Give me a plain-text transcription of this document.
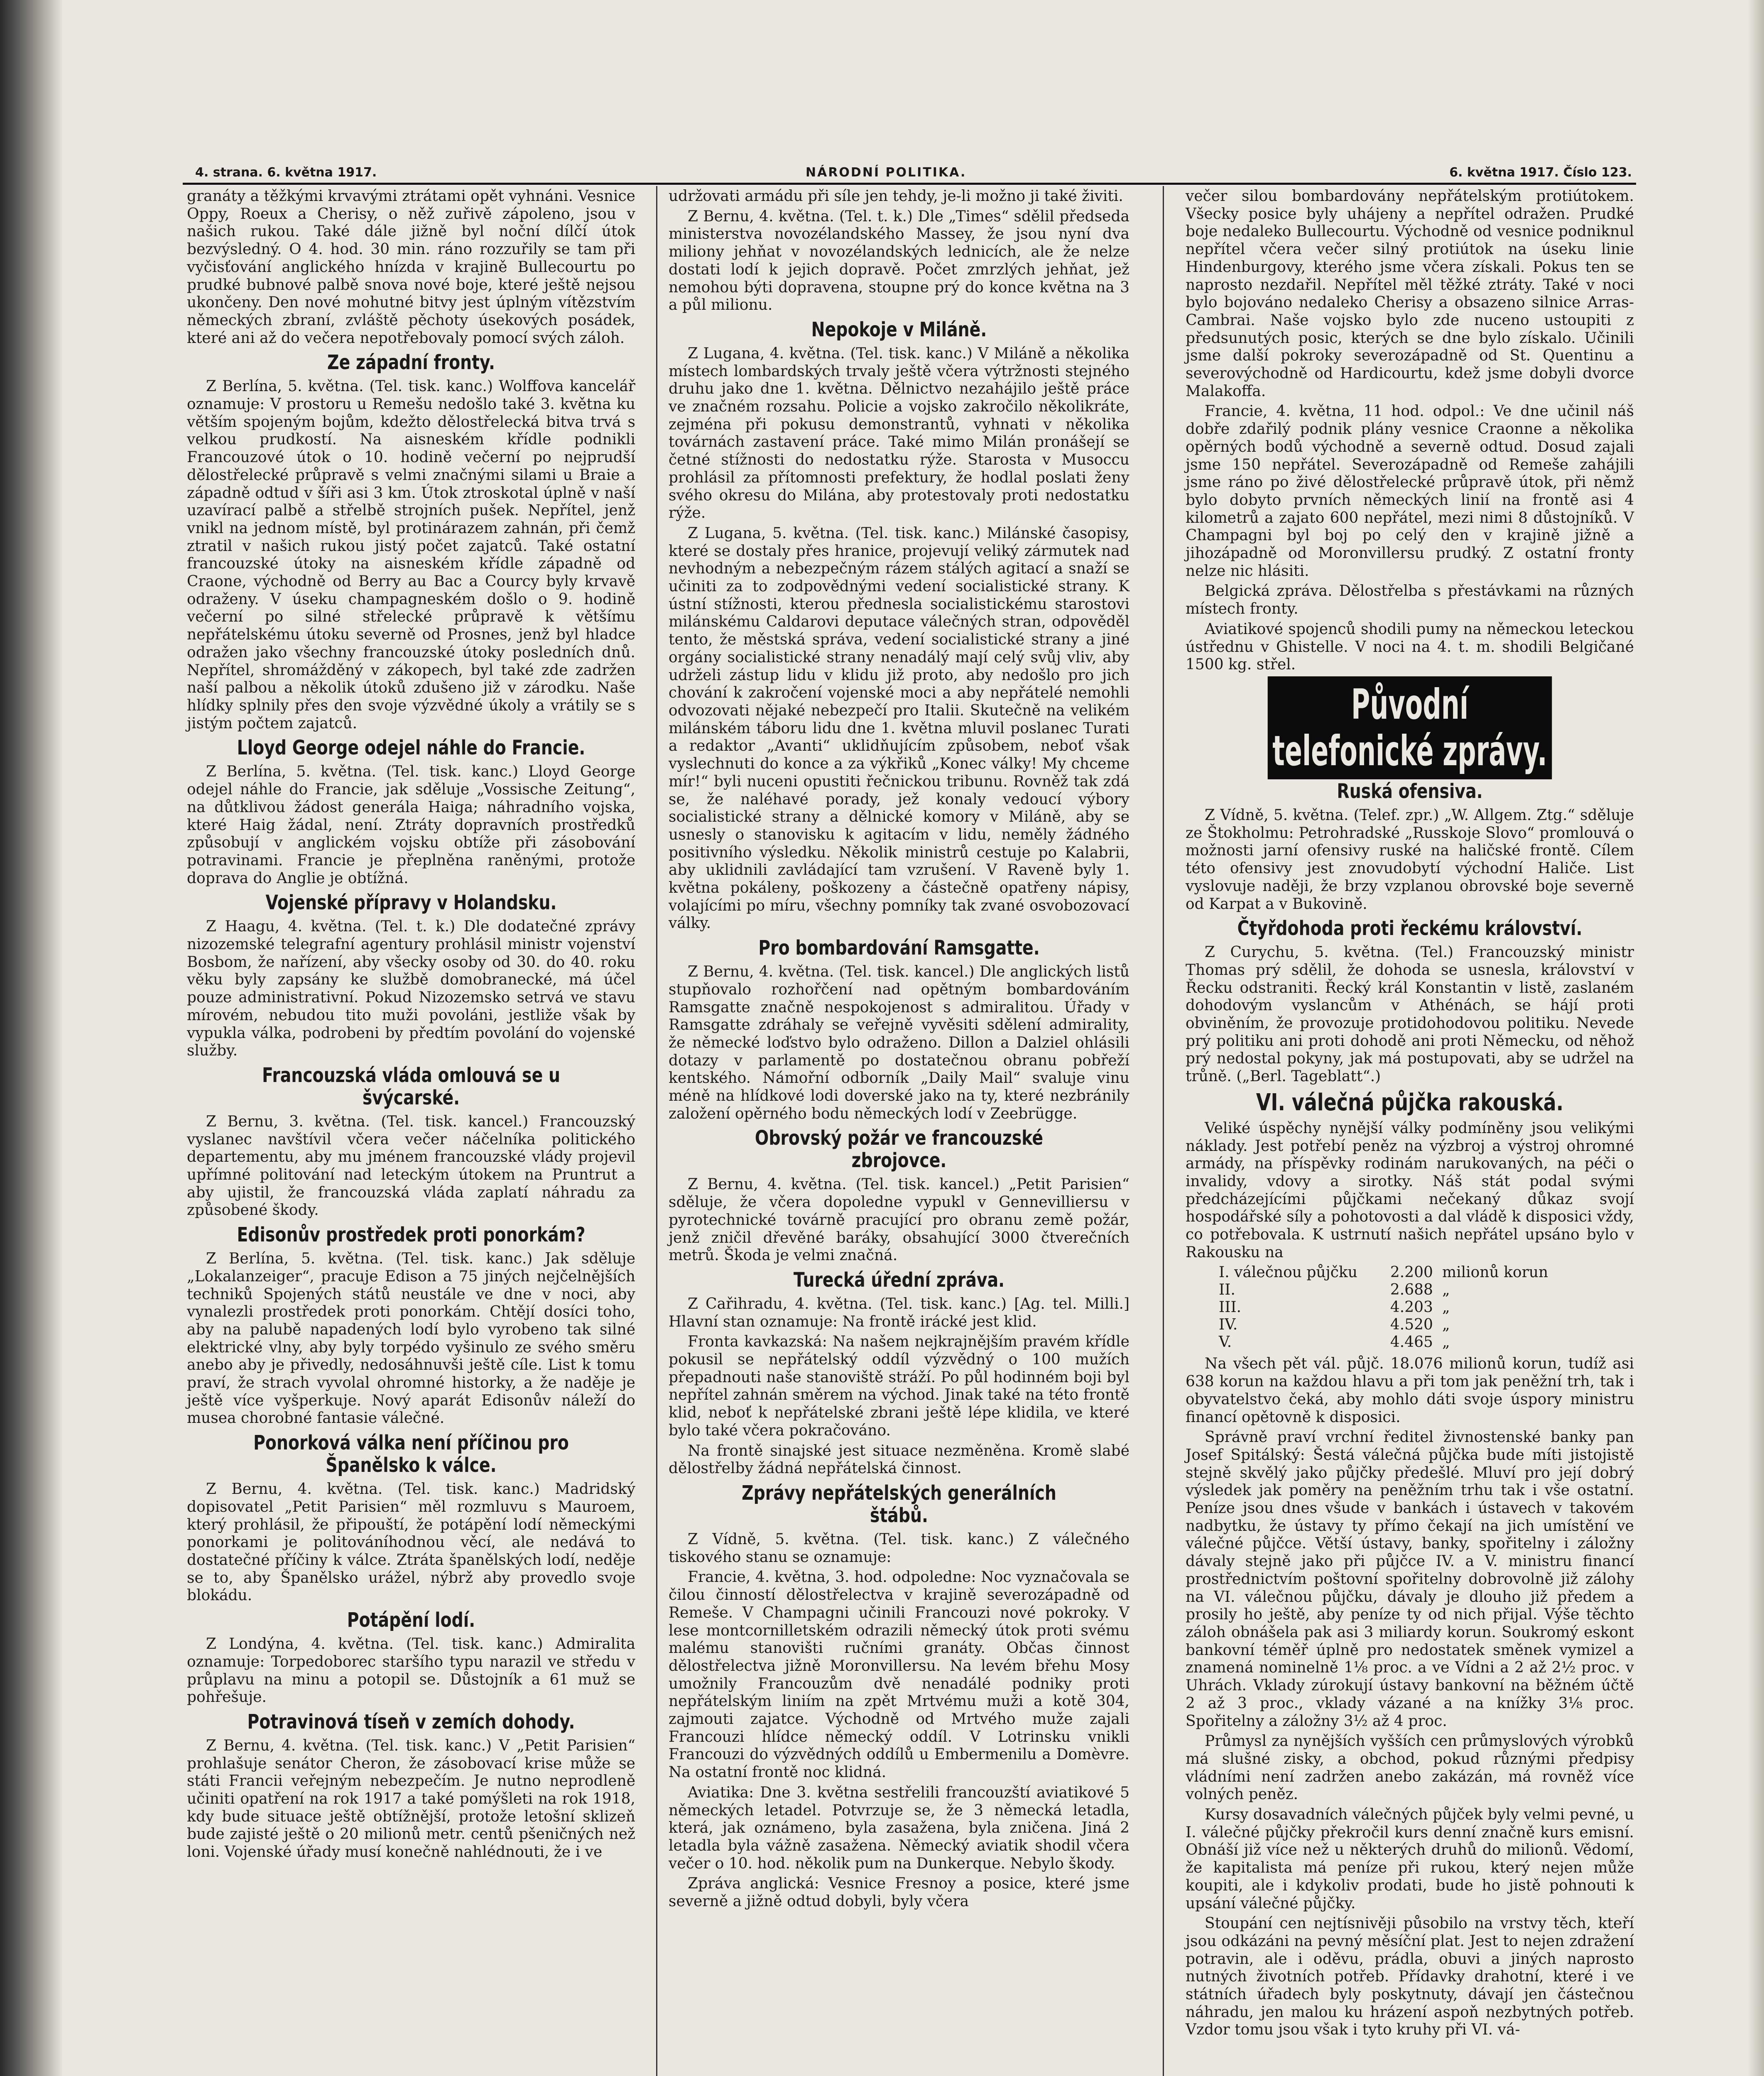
4. strana. 6. května 1917.	NÁRODNÍ POLITIKA.	6. května 1917. Číslo 123.

granáty a těžkými krvavými ztrátami opět vyhnáni. Vesnice Oppy, Roeux a Cherisy, o něž zuřivě zápoleno, jsou v našich rukou. Také dále jižně byl noční dílčí útok bezvýsledný. O 4. hod. 30 min. ráno rozzuřily se tam při vyčisťování anglického hnízda v krajině Bullecourtu po prudké bubnové palbě snova nové boje, které ještě nejsou ukončeny. Den nové mohutné bitvy jest úplným vítězstvím německých zbraní, zvláště pěchoty úsekových posádek, které ani až do večera nepotřebovaly pomocí svých záloh.

Ze západní fronty.

Z Berlína, 5. května. (Tel. tisk. kanc.) Wolffova kancelář oznamuje: V prostoru u Remešu nedošlo také 3. května ku větším spojeným bojům, kdežto dělostřelecká bitva trvá s velkou prudkostí. Na aisneském křídle podnikli Francouzové útok o 10. hodině večerní po nejprudší dělostřelecké průpravě s velmi značnými silami u Braie a západně odtud v šíři asi 3 km. Útok ztroskotal úplně v naší uzavírací palbě a střelbě strojních pušek. Nepřítel, jenž vnikl na jednom místě, byl protinárazem zahnán, při čemž ztratil v našich rukou jistý počet zajatců. Také ostatní francouzské útoky na aisneském křídle západně od Craone, východně od Berry au Bac a Courcy byly krvavě odraženy. V úseku champagneském došlo o 9. hodině večerní po silné střelecké průpravě k většímu nepřátelskému útoku severně od Prosnes, jenž byl hladce odražen jako všechny francouzské útoky posledních dnů. Nepřítel, shromážděný v zákopech, byl také zde zadržen naší palbou a několik útoků zdušeno již v zárodku. Naše hlídky splnily přes den svoje výzvědné úkoly a vrátily se s jistým počtem zajatců.

Lloyd George odejel náhle do Francie.

Z Berlína, 5. května. (Tel. tisk. kanc.) Lloyd George odejel náhle do Francie, jak sděluje „Vossische Zeitung“, na důtklivou žádost generála Haiga; náhradního vojska, které Haig žádal, není. Ztráty dopravních prostředků způsobují v anglickém vojsku obtíže při zásobování potravinami. Francie je přeplněna raněnými, protože doprava do Anglie je obtížná.

Vojenské přípravy v Holandsku.

Z Haagu, 4. května. (Tel. t. k.) Dle dodatečné zprávy nizozemské telegrafní agentury prohlásil ministr vojenství Bosbom, že nařízení, aby všecky osoby od 30. do 40. roku věku byly zapsány ke službě domobranecké, má účel pouze administrativní. Pokud Nizozemsko setrvá ve stavu mírovém, nebudou tito muži povoláni, jestliže však by vypukla válka, podrobeni by předtím povolání do vojenské služby.

Francouzská vláda omlouvá se u švýcarské.

Z Bernu, 3. května. (Tel. tisk. kancel.) Francouzský vyslanec navštívil včera večer náčelníka politického departementu, aby mu jménem francouzské vlády projevil upřímné politování nad leteckým útokem na Pruntrut a aby ujistil, že francouzská vláda zaplatí náhradu za způsobené škody.

Edisonův prostředek proti ponorkám?

Z Berlína, 5. května. (Tel. tisk. kanc.) Jak sděluje „Lokalanzeiger“, pracuje Edison a 75 jiných nejčelnějších techniků Spojených států neustále ve dne v noci, aby vynalezli prostředek proti ponorkám. Chtějí dosíci toho, aby na palubě napadených lodí bylo vyrobeno tak silné elektrické vlny, aby byly torpédo vyšinulo ze svého směru anebo aby je přivedly, nedosáhnuvši ještě cíle. List k tomu praví, že strach vyvolal ohromné historky, a že naděje je ještě více vyšperkuje. Nový aparát Edisonův náleží do musea chorobné fantasie válečné.

Ponorková válka není příčinou pro Španělsko k válce.

Z Bernu, 4. května. (Tel. tisk. kanc.) Madridský dopisovatel „Petit Parisien“ měl rozmluvu s Mauroem, který prohlásil, že připouští, že potápění lodí německými ponorkami je politováníhodnou věcí, ale nedává to dostatečné příčiny k válce. Ztráta španělských lodí, neděje se to, aby Španělsko urážel, nýbrž aby provedlo svoje blokádu.

Potápění lodí.

Z Londýna, 4. května. (Tel. tisk. kanc.) Admiralita oznamuje: Torpedoborec staršího typu narazil ve středu v průplavu na minu a potopil se. Důstojník a 61 muž se pohřešuje.

Potravinová tíseň v zemích dohody.

Z Bernu, 4. května. (Tel. tisk. kanc.) V „Petit Parisien“ prohlašuje senátor Cheron, že zásobovací krise může se státi Francii veřejným nebezpečím. Je nutno neprodleně učiniti opatření na rok 1917 a také pomýšleti na rok 1918, kdy bude situace ještě obtížnější, protože letošní sklizeň bude zajisté ještě o 20 milionů metr. centů pšeničných než loni. Vojenské úřady musí konečně nahlédnouti, že i ve

udržovati armádu při síle jen tehdy, je-li možno ji také živiti.

Z Bernu, 4. května. (Tel. t. k.) Dle „Times“ sdělil předseda ministerstva novozélandského Massey, že jsou nyní dva miliony jehňat v novozélandských lednicích, ale že nelze dostati lodí k jejich dopravě. Počet zmrzlých jehňat, jež nemohou býti dopravena, stoupne prý do konce května na 3 a půl milionu.

Nepokoje v Miláně.

Z Lugana, 4. května. (Tel. tisk. kanc.) V Miláně a několika místech lombardských trvaly ještě včera výtržnosti stejného druhu jako dne 1. května. Dělnictvo nezahájilo ještě práce ve značném rozsahu. Policie a vojsko zakročilo několikráte, zejména při pokusu demonstrantů, vyhnati v několika továrnách zastavení práce. Také mimo Milán pronášejí se četné stížnosti do nedostatku rýže. Starosta v Musoccu prohlásil za přítomnosti prefektury, že hodlal poslati ženy svého okresu do Milána, aby protestovaly proti nedostatku rýže.

Z Lugana, 5. května. (Tel. tisk. kanc.) Milánské časopisy, které se dostaly přes hranice, projevují veliký zármutek nad nevhodným a nebezpečným rázem stálých agitací a snaží se učiniti za to zodpovědnými vedení socialistické strany. K ústní stížnosti, kterou přednesla socialistickému starostovi milánskému Caldarovi deputace válečných stran, odpověděl tento, že městská správa, vedení socialistické strany a jiné orgány socialistické strany nenadálý mají celý svůj vliv, aby udrželi zástup lidu v klidu již proto, aby nedošlo pro jich chování k zakročení vojenské moci a aby nepřátelé nemohli odvozovati nějaké nebezpečí pro Italii. Skutečně na velikém milánském táboru lidu dne 1. května mluvil poslanec Turati a redaktor „Avanti“ uklidňujícím způsobem, neboť však vyslechnuti do konce a za výkřiků „Konec války! My chceme mír!“ byli nuceni opustiti řečnickou tribunu. Rovněž tak zdá se, že naléhavé porady, jež konaly vedoucí výbory socialistické strany a dělnické komory v Miláně, aby se usnesly o stanovisku k agitacím v lidu, neměly žádného positivního výsledku. Několik ministrů cestuje po Kalabrii, aby uklidnili zavládající tam vzrušení. V Raveně byly 1. května pokáleny, poškozeny a částečně opatřeny nápisy, volajícími po míru, všechny pomníky tak zvané osvobozovací války.

Pro bombardování Ramsgatte.

Z Bernu, 4. května. (Tel. tisk. kancel.) Dle anglických listů stupňovalo rozhořčení nad opětným bombardováním Ramsgatte značně nespokojenost s admiralitou. Úřady v Ramsgatte zdráhaly se veřejně vyvěsiti sdělení admirality, že německé loďstvo bylo odraženo. Dillon a Dalziel ohlásili dotazy v parlamentě po dostatečnou obranu pobřeží kentského. Námořní odborník „Daily Mail“ svaluje vinu méně na hlídkové lodi doverské jako na ty, které nezbránily založení opěrného bodu německých lodí v Zeebrügge.

Obrovský požár ve francouzské zbrojovce.

Z Bernu, 4. května. (Tel. tisk. kancel.) „Petit Parisien“ sděluje, že včera dopoledne vypukl v Gennevilliersu v pyrotechnické továrně pracující pro obranu země požár, jenž zničil dřevěné baráky, obsahující 3000 čtverečních metrů. Škoda je velmi značná.

Turecká úřední zpráva.

Z Cařihradu, 4. května. (Tel. tisk. kanc.) [Ag. tel. Milli.] Hlavní stan oznamuje: Na frontě irácké jest klid.

Fronta kavkazská: Na našem nejkrajnějším pravém křídle pokusil se nepřátelský oddíl výzvědný o 100 mužích přepadnouti naše stanoviště stráží. Po půl hodinném boji byl nepřítel zahnán směrem na východ. Jinak také na této frontě klid, neboť k nepřátelské zbrani ještě lépe klidila, ve které bylo také včera pokračováno.

Na frontě sinajské jest situace nezměněna. Kromě slabé dělostřelby žádná nepřátelská činnost.

Zprávy nepřátelských generálních štábů.

Z Vídně, 5. května. (Tel. tisk. kanc.) Z válečného tiskového stanu se oznamuje:

Francie, 4. května, 3. hod. odpoledne: Noc vyznačovala se čilou činností dělostřelectva v krajině severozápadně od Remeše. V Champagni učinili Francouzi nové pokroky. V lese montcornilletském odrazili německý útok proti svému malému stanovišti ručními granáty. Občas činnost dělostřelectva jižně Moronvillersu. Na levém břehu Mosy umožnily Francouzům dvě nenadálé podniky proti nepřátelským liniím na zpět Mrtvému muži a kotě 304, zajmouti zajatce. Východně od Mrtvého muže zajali Francouzi hlídce německý oddíl. V Lotrinsku vnikli Francouzi do výzvědných oddílů u Embermenilu a Domèvre. Na ostatní frontě noc klidná.

Aviatika: Dne 3. května sestřelili francouzští aviatikové 5 německých letadel. Potvrzuje se, že 3 německá letadla, která, jak oznámeno, byla zasažena, byla zničena. Jiná 2 letadla byla vážně zasažena. Německý aviatik shodil včera večer o 10. hod. několik pum na Dunkerque. Nebylo škody.

Zpráva anglická: Vesnice Fresnoy a posice, které jsme severně a jižně odtud dobyli, byly včera

večer silou bombardovány nepřátelským protiútokem. Všecky posice byly uhájeny a nepřítel odražen. Prudké boje nedaleko Bullecourtu. Východně od vesnice podniknul nepřítel včera večer silný protiútok na úseku linie Hindenburgovy, kterého jsme včera získali. Pokus ten se naprosto nezdařil. Nepřítel měl těžké ztráty. Také v noci bylo bojováno nedaleko Cherisy a obsazeno silnice Arras-Cambrai. Naše vojsko bylo zde nuceno ustoupiti z předsunutých posic, kterých se dne bylo získalo. Učinili jsme další pokroky severozápadně od St. Quentinu a severovýchodně od Hardicourtu, kdež jsme dobyli dvorce Malakoffa.

Francie, 4. května, 11 hod. odpol.: Ve dne učinil náš dobře zdařilý podnik plány vesnice Craonne a několika opěrných bodů východně a severně odtud. Dosud zajali jsme 150 nepřátel. Severozápadně od Remeše zahájili jsme ráno po živé dělostřelecké průpravě útok, při němž bylo dobyto prvních německých linií na frontě asi 4 kilometrů a zajato 600 nepřátel, mezi nimi 8 důstojníků. V Champagni byl boj po celý den v krajině jižně a jihozápadně od Moronvillersu prudký. Z ostatní fronty nelze nic hlásiti.

Belgická zpráva. Dělostřelba s přestávkami na různých místech fronty.

Aviatikové spojenců shodili pumy na německou leteckou ústřednu v Ghistelle. V noci na 4. t. m. shodili Belgičané 1500 kg. střel.

Původní telefonické zprávy.
Ruská ofensiva.

Z Vídně, 5. května. (Telef. zpr.) „W. Allgem. Ztg.“ sděluje ze Štokholmu: Petrohradské „Russkoje Slovo“ promlouvá o možnosti jarní ofensivy ruské na haličské frontě. Cílem této ofensivy jest znovudobytí východní Haliče. List vyslovuje naději, že brzy vzplanou obrovské boje severně od Karpat a v Bukovině.

Čtyřdohoda proti řeckému království.

Z Curychu, 5. května. (Tel.) Francouzský ministr Thomas prý sdělil, že dohoda se usnesla, království v Řecku odstraniti. Řecký král Konstantin v listě, zaslaném dohodovým vyslancům v Athénách, se hájí proti obviněním, že provozuje protidohodovou politiku. Nevede prý politiku ani proti dohodě ani proti Německu, od něhož prý nedostal pokyny, jak má postupovati, aby se udržel na trůně. („Berl. Tageblatt“.)

VI. válečná půjčka rakouská.

Veliké úspěchy nynější války podmíněny jsou velikými náklady. Jest potřebí peněz na výzbroj a výstroj ohromné armády, na příspěvky rodinám narukovaných, na péči o invalidy, vdovy a sirotky. Náš stát podal svými předcházejícími půjčkami nečekaný důkaz svojí hospodářské síly a pohotovosti a dal vládě k disposici vždy, co potřebovala. K ustrnutí našich nepřátel upsáno bylo v Rakousku na

I. válečnou půjčku	2.200	milionů korun
II.	2.688	„
III.	4.203	„
IV.	4.520	„
V.	4.465	„

Na všech pět vál. půjč. 18.076 milionů korun, tudíž asi 638 korun na každou hlavu a při tom jak peněžní trh, tak i obyvatelstvo čeká, aby mohlo dáti svoje úspory ministru financí opětovně k disposici.

Správně praví vrchní ředitel živnostenské banky pan Josef Spitálský: Šestá válečná půjčka bude míti jistojistě stejně skvělý jako půjčky předešlé. Mluví pro její dobrý výsledek jak poměry na peněžním trhu tak i vše ostatní. Peníze jsou dnes všude v bankách i ústavech v takovém nadbytku, že ústavy ty přímo čekají na jich umístění ve válečné půjčce. Větší ústavy, banky, spořitelny i záložny dávaly stejně jako při půjčce IV. a V. ministru financí prostřednictvím poštovní spořitelny dobrovolně již zálohy na VI. válečnou půjčku, dávaly je dlouho již předem a prosily ho ještě, aby peníze ty od nich přijal. Výše těchto záloh obnášela pak asi 3 miliardy korun. Soukromý eskont bankovní téměř úplně pro nedostatek směnek vymizel a znamená nominelně 1⅛ proc. a ve Vídni a 2 až 2½ proc. v Uhrách. Vklady zúrokují ústavy bankovní na běžném účtě 2 až 3 proc., vklady vázané a na knížky 3⅛ proc. Spořitelny a záložny 3½ až 4 proc.

Průmysl za nynějších vyšších cen průmyslových výrobků má slušné zisky, a obchod, pokud různými předpisy vládními není zadržen anebo zakázán, má rovněž více volných peněz.

Kursy dosavadních válečných půjček byly velmi pevné, u I. válečné půjčky překročil kurs denní značně kurs emisní. Obnáší již více než u některých druhů do milionů. Vědomí, že kapitalista má peníze při rukou, který nejen může koupiti, ale i kdykoliv prodati, bude ho jistě pohnouti k upsání válečné půjčky.

Stoupání cen nejtísnivěji působilo na vrstvy těch, kteří jsou odkázáni na pevný měsíční plat. Jest to nejen zdražení potravin, ale i oděvu, prádla, obuvi a jiných naprosto nutných životních potřeb. Přídavky drahotní, které i ve státních úřadech byly poskytnuty, dávají jen částečnou náhradu, jen malou ku hrázení aspoň nezbytných potřeb. Vzdor tomu jsou však i tyto kruhy při VI. vá-
